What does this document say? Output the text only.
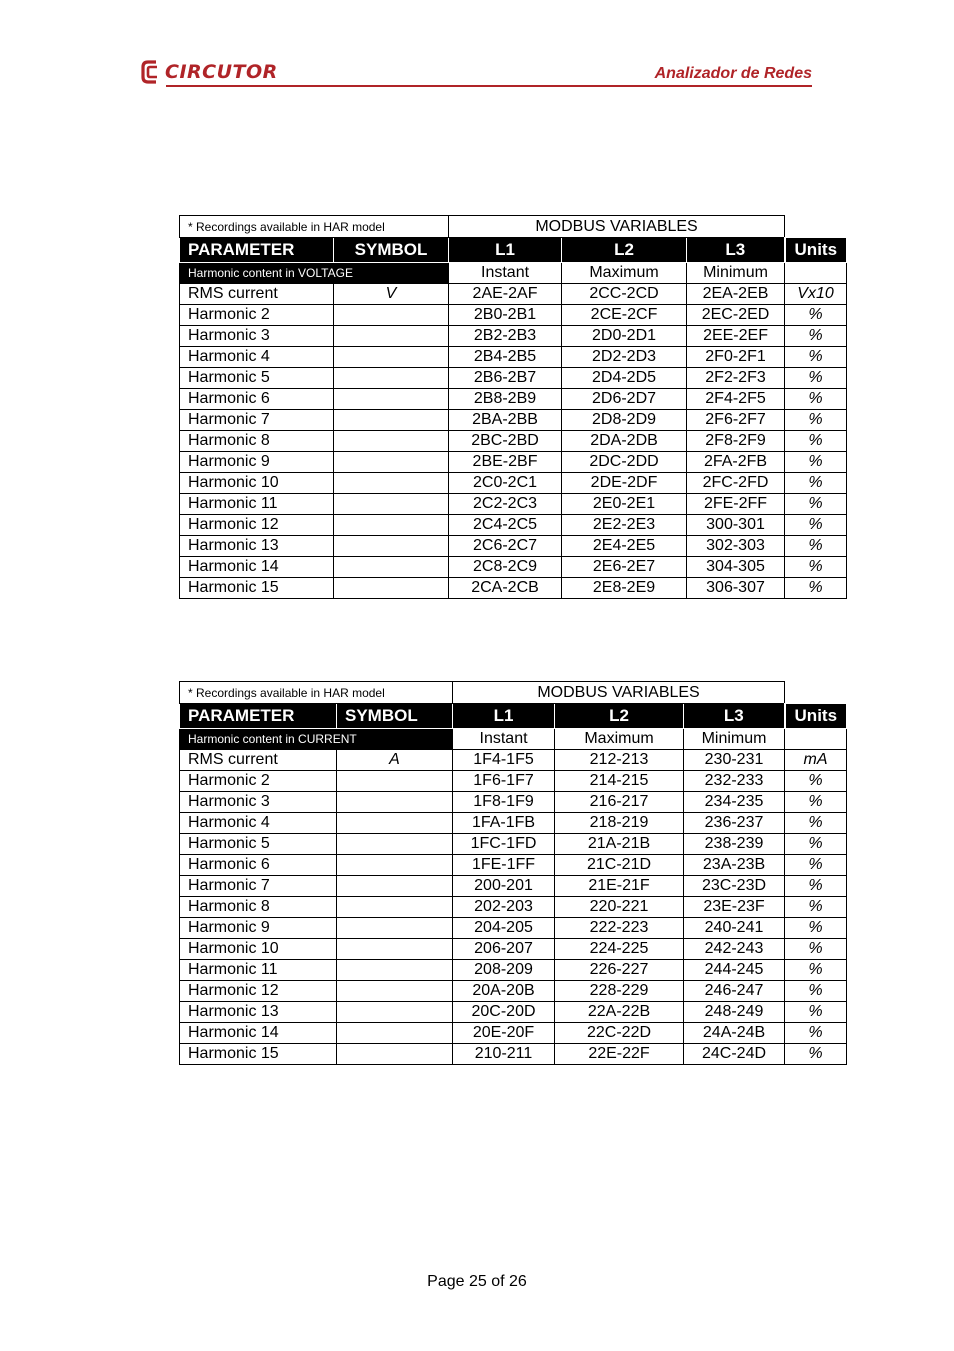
CIRCUTOR	Analizador de Redes
* Recordings available in HAR model		MODBUS VARIABLES			
PARAMETER	SYMBOL	L1	L2	L3	Units
Harmonic content in VOLTAGE		Instant	Maximum	Minimum	
RMS current	V	2AE-2AF	2CC-2CD	2EA-2EB	Vx10
Harmonic 2		2B0-2B1	2CE-2CF	2EC-2ED	%
Harmonic 3		2B2-2B3	2D0-2D1	2EE-2EF	%
Harmonic 4		2B4-2B5	2D2-2D3	2F0-2F1	%
Harmonic 5		2B6-2B7	2D4-2D5	2F2-2F3	%
Harmonic 6		2B8-2B9	2D6-2D7	2F4-2F5	%
Harmonic 7		2BA-2BB	2D8-2D9	2F6-2F7	%
Harmonic 8		2BC-2BD	2DA-2DB	2F8-2F9	%
Harmonic 9		2BE-2BF	2DC-2DD	2FA-2FB	%
Harmonic 10		2C0-2C1	2DE-2DF	2FC-2FD	%
Harmonic 11		2C2-2C3	2E0-2E1	2FE-2FF	%
Harmonic 12		2C4-2C5	2E2-2E3	300-301	%
Harmonic 13		2C6-2C7	2E4-2E5	302-303	%
Harmonic 14		2C8-2C9	2E6-2E7	304-305	%
Harmonic 15		2CA-2CB	2E8-2E9	306-307	%
* Recordings available in HAR model		MODBUS VARIABLES			
PARAMETER	SYMBOL	L1	L2	L3	Units
Harmonic content in CURRENT		Instant	Maximum	Minimum	
RMS current	A	1F4-1F5	212-213	230-231	mA
Harmonic 2		1F6-1F7	214-215	232-233	%
Harmonic 3		1F8-1F9	216-217	234-235	%
Harmonic 4		1FA-1FB	218-219	236-237	%
Harmonic 5		1FC-1FD	21A-21B	238-239	%
Harmonic 6		1FE-1FF	21C-21D	23A-23B	%
Harmonic 7		200-201	21E-21F	23C-23D	%
Harmonic 8		202-203	220-221	23E-23F	%
Harmonic 9		204-205	222-223	240-241	%
Harmonic 10		206-207	224-225	242-243	%
Harmonic 11		208-209	226-227	244-245	%
Harmonic 12		20A-20B	228-229	246-247	%
Harmonic 13		20C-20D	22A-22B	248-249	%
Harmonic 14		20E-20F	22C-22D	24A-24B	%
Harmonic 15		210-211	22E-22F	24C-24D	%
Page 25 of 26
